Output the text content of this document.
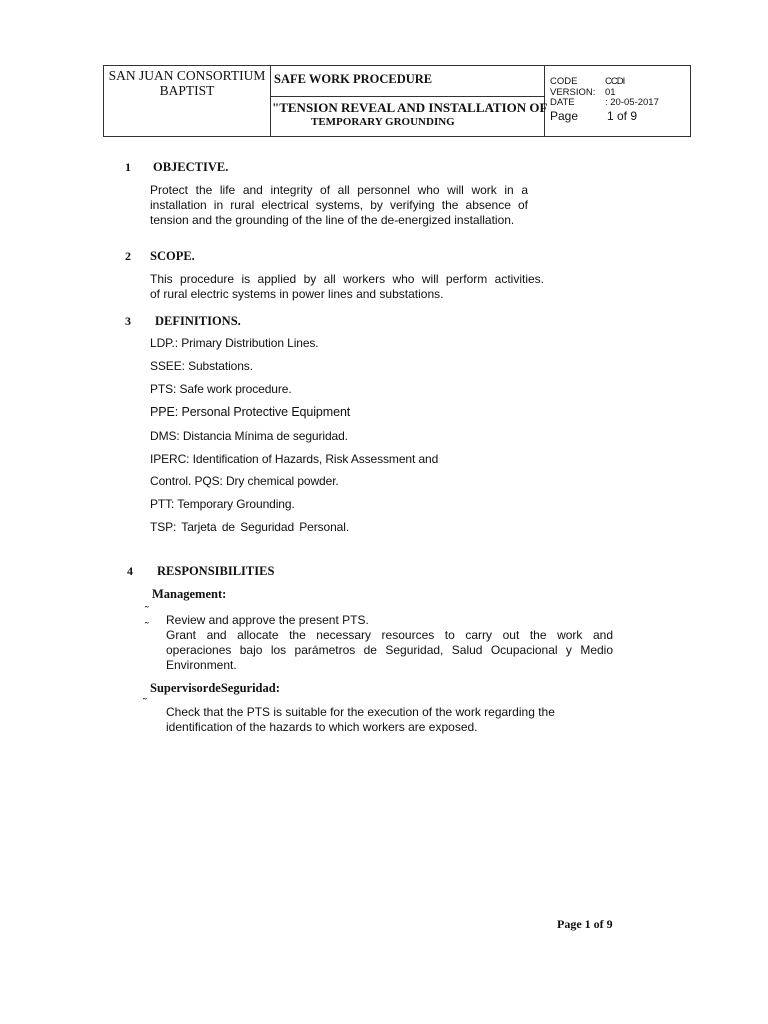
SAN JUAN CONSORTIUM
BAPTIST
SAFE WORK PROCEDURE
"TENSION REVEAL AND INSTALLATION OF
TEMPORARY GROUNDING
CODE	CCDI
VERSION: 01
DATE	: 20-05-2017
Page 1 of 9
1 OBJECTIVE.
Protect the life and integrity of all personnel who will work in a
installation in rural electrical systems, by verifying the absence of
tension and the grounding of the line of the de-energized installation.
2 SCOPE.
This procedure is applied by all workers who will perform activities.
of rural electric systems in power lines and substations.
3 DEFINITIONS.
LDP.: Primary Distribution Lines.
SSEE: Substations.
PTS: Safe work procedure.
PPE: Personal Protective Equipment
DMS: Distancia Mínima de seguridad.
IPERC: Identification of Hazards, Risk Assessment and
Control. PQS: Dry chemical powder.
PTT: Temporary Grounding.
TSP: Tarjeta de Seguridad Personal.
4 RESPONSIBILITIES
Management:
˜
Review and approve the present PTS.
˜
Grant and allocate the necessary resources to carry out the work and
operaciones bajo los parámetros de Seguridad, Salud Ocupacional y Medio
Environment.
SupervisordeSeguridad:
˜
Check that the PTS is suitable for the execution of the work regarding the
identification of the hazards to which workers are exposed.
Page 1 of 9
